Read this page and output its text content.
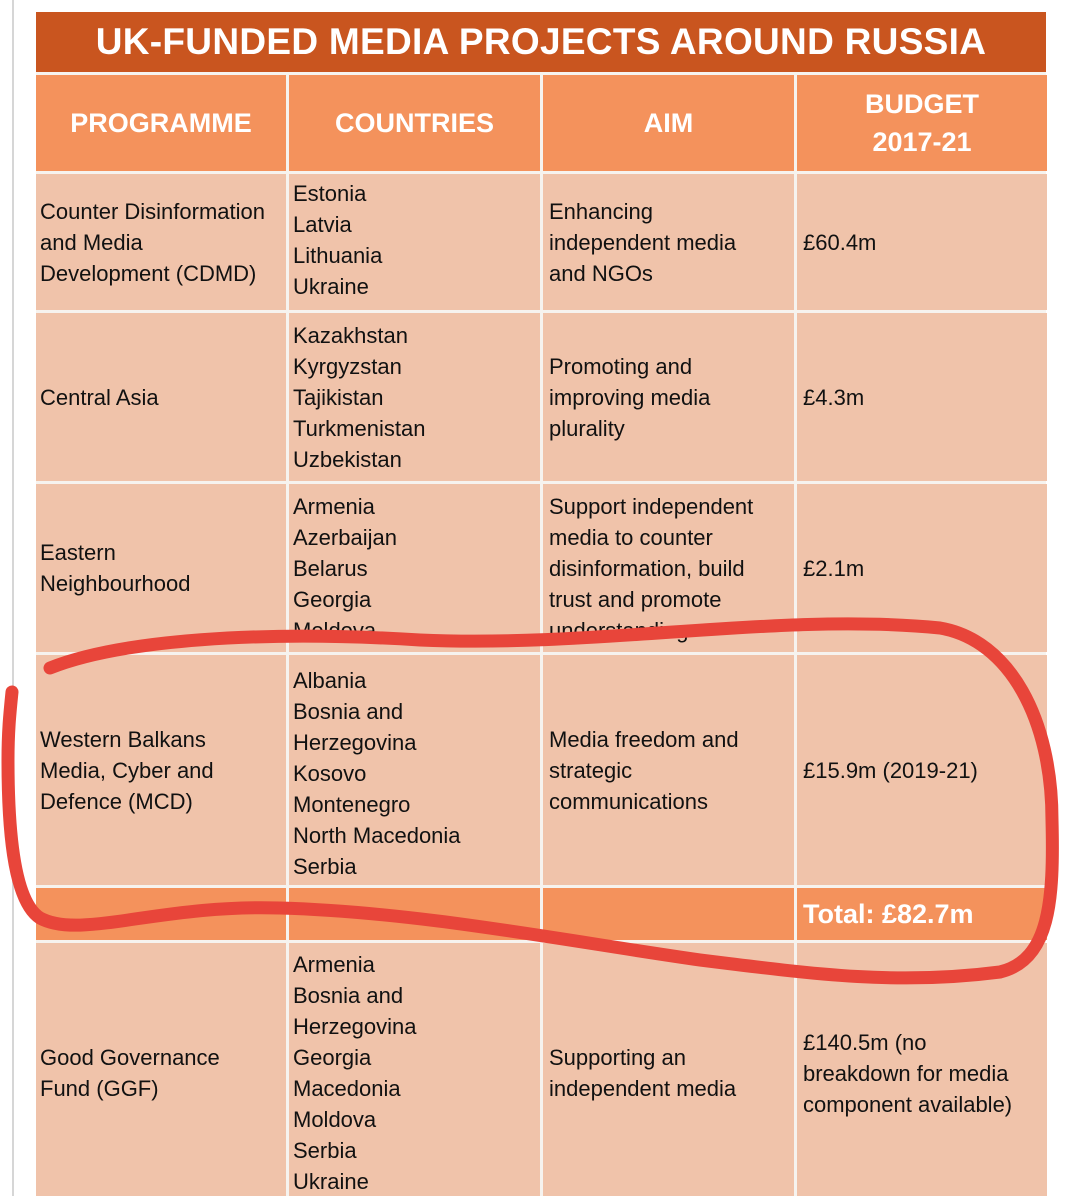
UK-FUNDED MEDIA PROJECTS AROUND RUSSIA
PROGRAMME	COUNTRIES	AIM
BUDGET
2017-21
Counter Disinformation
and Media
Development (CDMD)
Estonia
Latvia
Lithuania
Ukraine
Enhancing
independent media
and NGOs
£60.4m
Central Asia
Kazakhstan
Kyrgyzstan
Tajikistan
Turkmenistan
Uzbekistan
Promoting and
improving media
plurality
£4.3m
Eastern
Neighbourhood
Armenia
Azerbaijan
Belarus
Georgia
Moldova
Support independent
media to counter
disinformation, build
trust and promote
understanding
£2.1m
Western Balkans
Media, Cyber and
Defence (MCD)
Albania
Bosnia and
Herzegovina
Kosovo
Montenegro
North Macedonia
Serbia
Media freedom and
strategic
communications
£15.9m (2019-21)
Total: £82.7m
Good Governance
Fund (GGF)
Armenia
Bosnia and
Herzegovina
Georgia
Macedonia
Moldova
Serbia
Ukraine
Supporting an
independent media
£140.5m (no
breakdown for media
component available)
